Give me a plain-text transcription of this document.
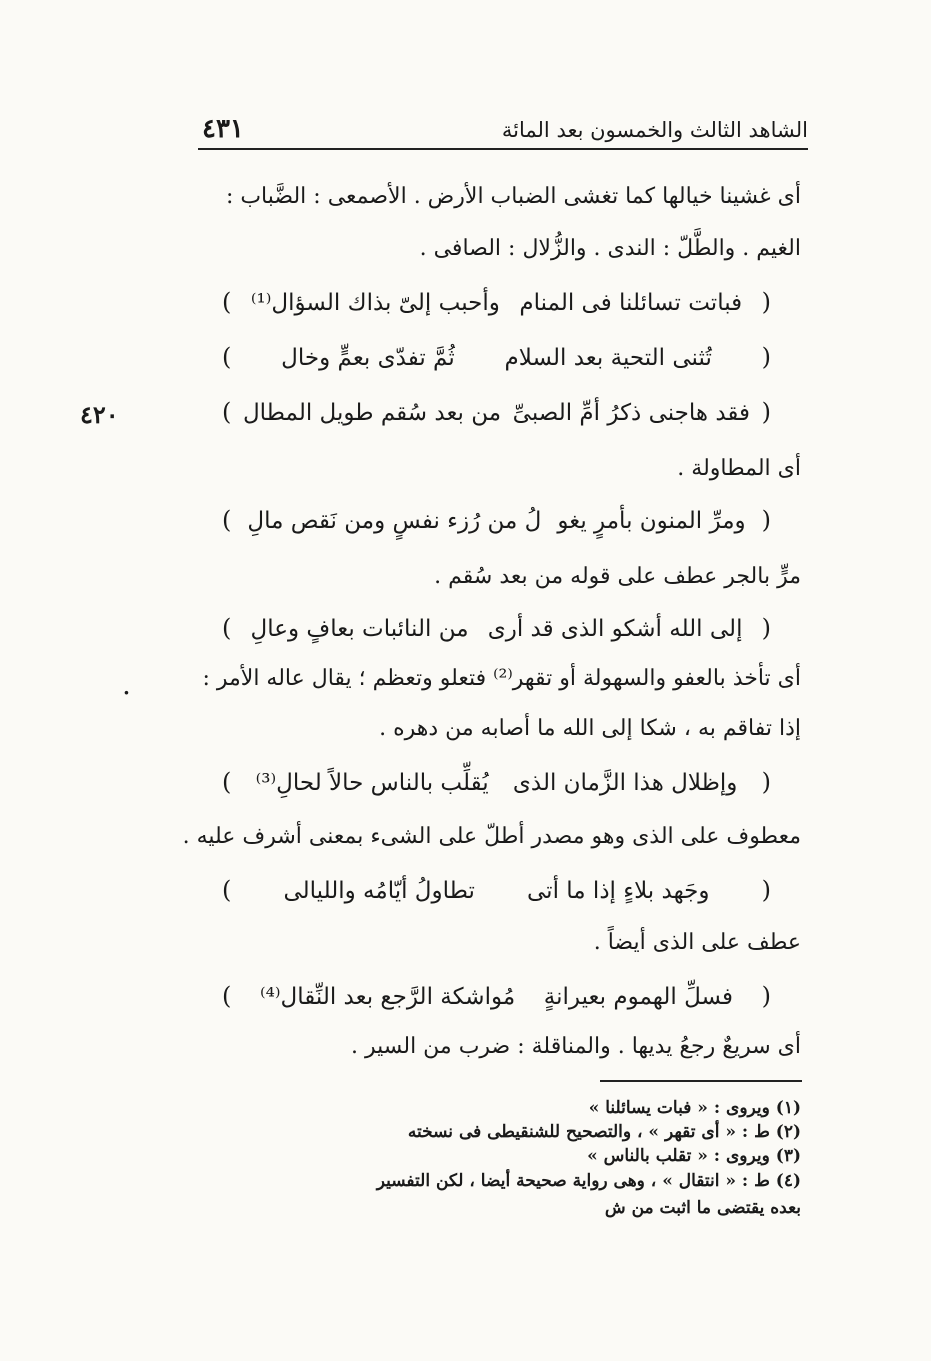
الشاهد الثالث والخمسون بعد المائة
٤٣١
٤٢٠
.
أى غشينا خيالها كما تغشى الضباب الأرض . الأصمعى : الضَّباب :
الغيم . والطَّلّ : الندى . والزُّلال : الصافى .
(
فباتت تسائلنا فى المنام
وأحبب إلىّ بذاك السؤال⁽¹⁾
)
(
تُثنى التحية بعد السلام
ثُمَّ تفدّى بعمٍّ وخال
)
(
فقد هاجنى ذكرُ أمِّ الصبىِّ
من بعد سُقم طويل المطال
)
أى المطاولة .
(
ومرِّ المنون بأمرٍ يغو
لُ من رُزء نفسٍ ومن نَقص مالِ
)
مرٍّ بالجر عطف على قوله من بعد سُقم .
(
إلى الله أشكو الذى قد أرى
من النائبات بعافٍ وعالِ
)
أى تأخذ بالعفو والسهولة أو تقهر⁽²⁾ فتعلو وتعظم ؛ يقال عاله الأمر :
إذا تفاقم به ، شكا إلى الله ما أصابه من دهره .
(
وإظلال هذا الزَّمان الذى
يُقلِّب بالناس حالاً لحالِ⁽³⁾
)
معطوف على الذى وهو مصدر أطلّ على الشىء بمعنى أشرف عليه .
(
وجَهد بلاءٍ إذا ما أتى
تطاولُ أيّامُه والليالى
)
عطف على الذى أيضاً .
(
فسلِّ الهموم بعيرانةٍ
مُواشكة الرَّجع بعد النِّقال⁽⁴⁾
)
أى سريعٌ رجعُ يديها . والمناقلة : ضرب من السير .
(١) ويروى : « فبات يسائلنا »
(٢) ط : « أى تقهر » ، والتصحيح للشنقيطى فى نسخته
(٣) ويروى : « تقلب بالناس »
(٤) ط : « انتقال » ، وهى رواية صحيحة أيضا ، لكن التفسير
بعده يقتضى ما اثبت من ش
